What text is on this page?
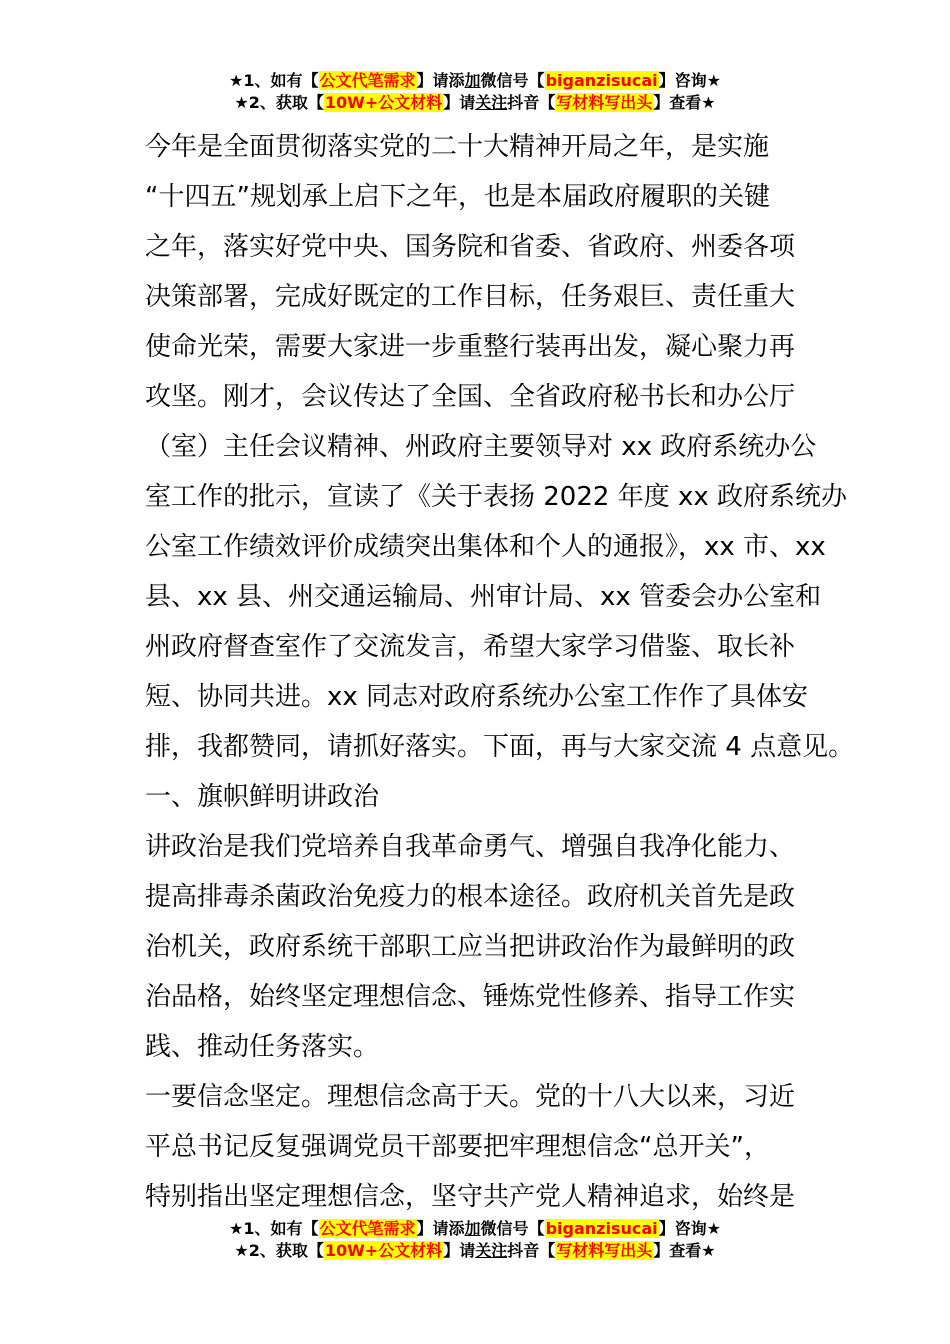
★1、如有【公文代笔需求】请添加微信号【biganzisucai】咨询★
★2、获取【10W+公文材料】请关注抖音【写材料写出头】查看★
今年是全面贯彻落实党的二十大精神开局之年，是实施
“十四五”规划承上启下之年，也是本届政府履职的关键
之年，落实好党中央、国务院和省委、省政府、州委各项
决策部署，完成好既定的工作目标，任务艰巨、责任重大
使命光荣，需要大家进一步重整行装再出发，凝心聚力再
攻坚。刚才，会议传达了全国、全省政府秘书长和办公厅
（室）主任会议精神、州政府主要领导对 xx 政府系统办公
室工作的批示，宣读了《关于表扬 2022 年度 xx 政府系统办
公室工作绩效评价成绩突出集体和个人的通报》，xx 市、xx
县、xx 县、州交通运输局、州审计局、xx 管委会办公室和
州政府督查室作了交流发言，希望大家学习借鉴、取长补
短、协同共进。xx 同志对政府系统办公室工作作了具体安
排，我都赞同，请抓好落实。下面，再与大家交流 4 点意见。
一、旗帜鲜明讲政治
讲政治是我们党培养自我革命勇气、增强自我净化能力、
提高排毒杀菌政治免疫力的根本途径。政府机关首先是政
治机关，政府系统干部职工应当把讲政治作为最鲜明的政
治品格，始终坚定理想信念、锤炼党性修养、指导工作实
践、推动任务落实。
一要信念坚定。理想信念高于天。党的十八大以来，习近
平总书记反复强调党员干部要把牢理想信念“总开关”，
特别指出坚定理想信念，坚守共产党人精神追求，始终是
★1、如有【公文代笔需求】请添加微信号【biganzisucai】咨询★
★2、获取【10W+公文材料】请关注抖音【写材料写出头】查看★
